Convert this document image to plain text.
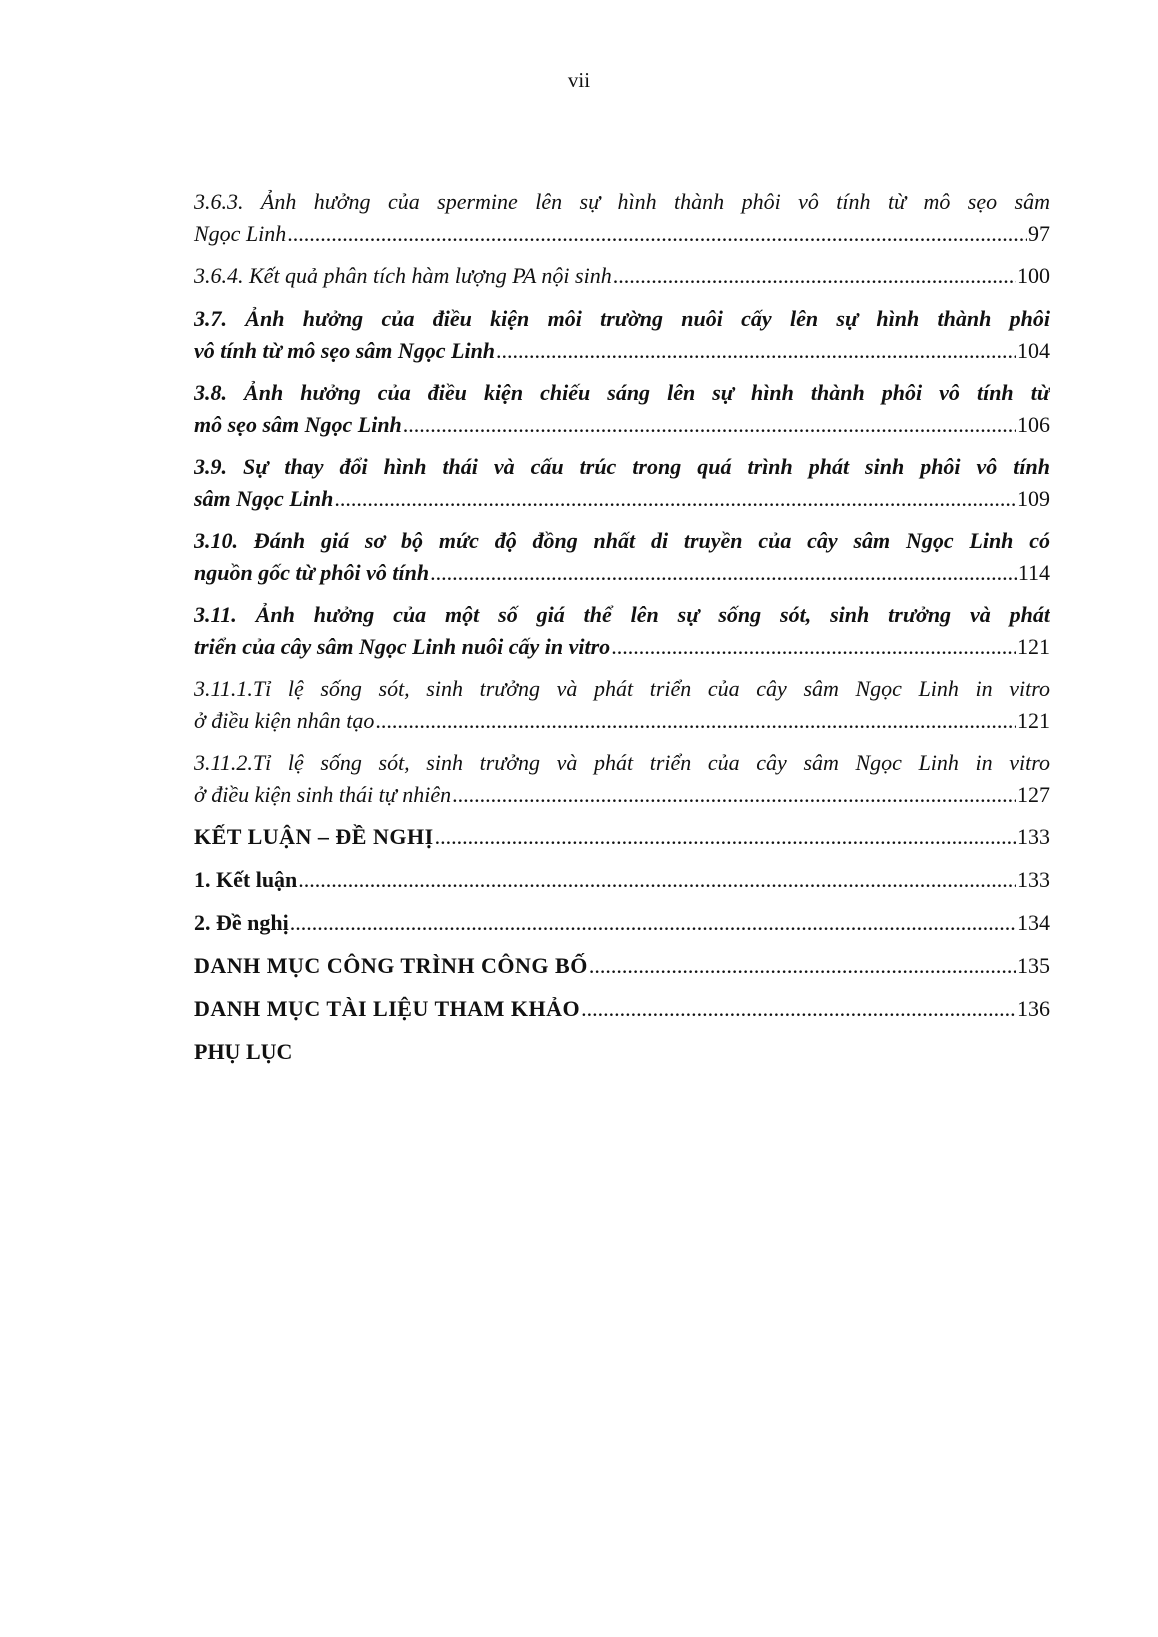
vii
3.6.3. Ảnh hưởng của spermine lên sự hình thành phôi vô tính từ mô sẹo sâm
Ngọc Linh .....	97
3.6.4. Kết quả phân tích hàm lượng PA nội sinh .....	100
3.7. Ảnh hưởng của điều kiện môi trường nuôi cấy lên sự hình thành phôi
vô tính từ mô sẹo sâm Ngọc Linh .....	104
3.8. Ảnh hưởng của điều kiện chiếu sáng lên sự hình thành phôi vô tính từ
mô sẹo sâm Ngọc Linh .....	106
3.9. Sự thay đổi hình thái và cấu trúc trong quá trình phát sinh phôi vô tính
sâm Ngọc Linh .....	109
3.10. Đánh giá sơ bộ mức độ đồng nhất di truyền của cây sâm Ngọc Linh có
nguồn gốc từ phôi vô tính .....	114
3.11. Ảnh hưởng của một số giá thể lên sự sống sót, sinh trưởng và phát
triển của cây sâm Ngọc Linh nuôi cấy in vitro .....	121
3.11.1.Tỉ lệ sống sót, sinh trưởng và phát triển của cây sâm Ngọc Linh in vitro
ở điều kiện nhân tạo .....	121
3.11.2.Tỉ lệ sống sót, sinh trưởng và phát triển của cây sâm Ngọc Linh in vitro
ở điều kiện sinh thái tự nhiên .....	127
KẾT LUẬN – ĐỀ NGHỊ .....	133
1. Kết luận .....	133
2. Đề nghị .....	134
DANH MỤC CÔNG TRÌNH CÔNG BỐ .....	135
DANH MỤC TÀI LIỆU THAM KHẢO .....	136
PHỤ LỤC
